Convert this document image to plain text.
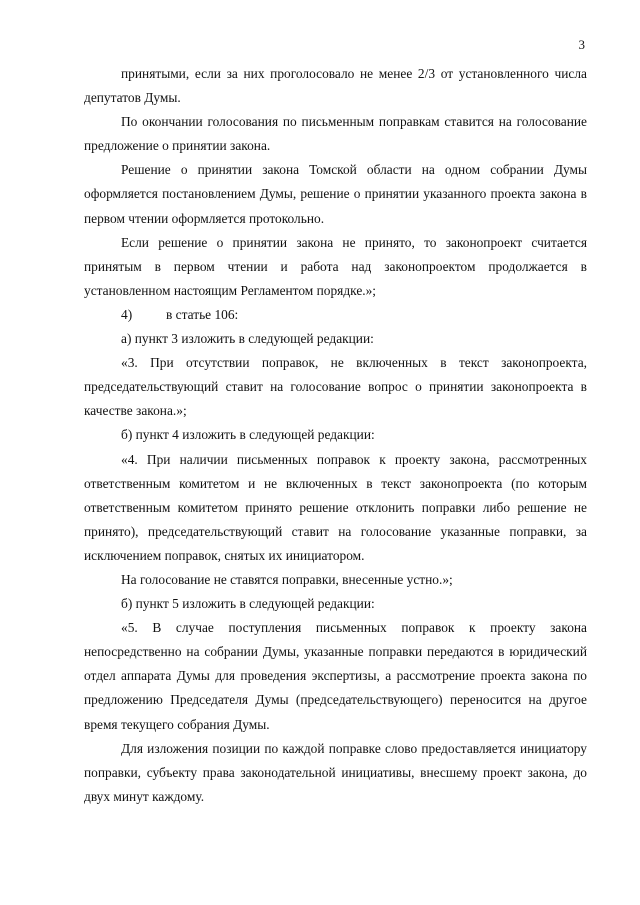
3

принятыми, если за них проголосовало не менее 2/3 от установленного числа депутатов Думы.

По окончании голосования по письменным поправкам ставится на голосование предложение о принятии закона.

Решение о принятии закона Томской области на одном собрании Думы оформляется постановлением Думы, решение о принятии указанного проекта закона в первом чтении оформляется протокольно.

Если решение о принятии закона не принято, то законопроект считается принятым в первом чтении и работа над законопроектом продолжается в установленном настоящим Регламентом порядке.»;

4)	в статье 106:

a) пункт 3 изложить в следующей редакции:

«3. При отсутствии поправок, не включенных в текст законопроекта, председательствующий ставит на голосование вопрос о принятии законопроекта в качестве закона.»;

б) пункт 4 изложить в следующей редакции:

«4. При наличии письменных поправок к проекту закона, рассмотренных ответственным комитетом и не включенных в текст законопроекта (по которым ответственным комитетом принято решение отклонить поправки либо решение не принято), председательствующий ставит на голосование указанные поправки, за исключением поправок, снятых их инициатором.

На голосование не ставятся поправки, внесенные устно.»;

б) пункт 5 изложить в следующей редакции:

«5. В случае поступления письменных поправок к проекту закона непосредственно на собрании Думы, указанные поправки передаются в юридический отдел аппарата Думы для проведения экспертизы, а рассмотрение проекта закона по предложению Председателя Думы (председательствующего) переносится на другое время текущего собрания Думы.

Для изложения позиции по каждой поправке слово предоставляется инициатору поправки, субъекту права законодательной инициативы, внесшему проект закона, до двух минут каждому.
